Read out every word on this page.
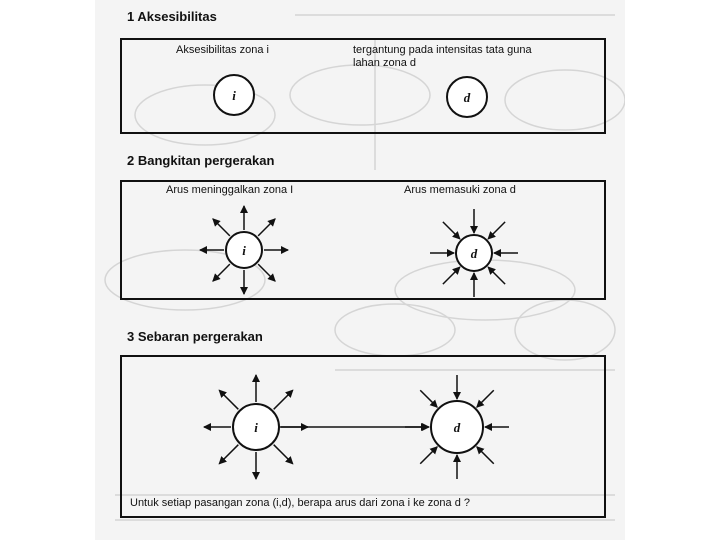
i	d
i	d
i	d
1 Aksesibilitas
Aksesibilitas zona i	tergantung pada intensitas tata guna
lahan zona d
2 Bangkitan pergerakan
Arus meninggalkan zona I	Arus memasuki zona d
3 Sebaran pergerakan
Untuk setiap pasangan zona (i,d), berapa arus dari zona i ke zona d ?
